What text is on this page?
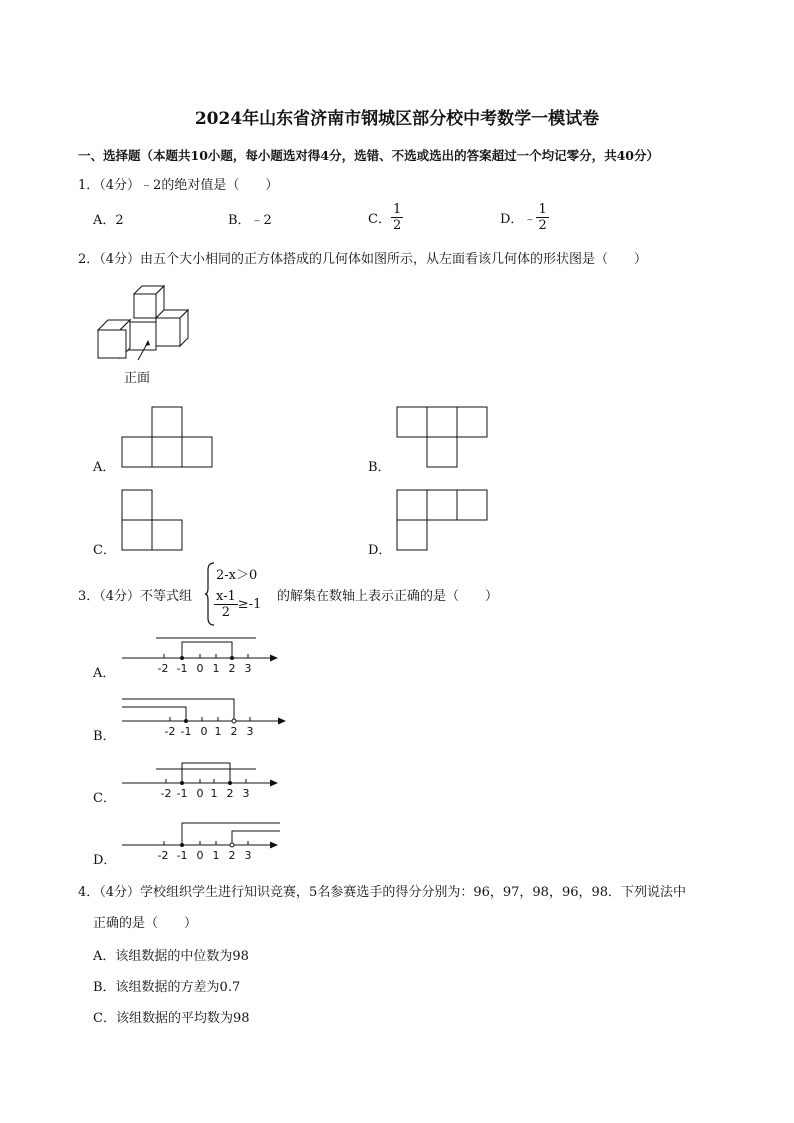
2024年山东省济南市钢城区部分校中考数学一模试卷
一、选择题（本题共10小题，每小题选对得4分，选错、不选或选出的答案超过一个均记零分，共40分）
1．（4分）﹣2的绝对值是（　　）
A．2	B．﹣2	C． $\frac{1}{2}$	D．﹣ $\frac{1}{2}$
2．（4分）由五个大小相同的正方体搭成的几何体如图所示，从左面看该几何体的形状图是（　　）
正面
A．	B．
C．	D．
3．（4分）不等式组
2-x＞0
$\frac{x-1}{2} \ge-1$
的解集在数轴上表示正确的是（　　）
A．	-2 -1 0 1 2 3
B．	-2 -1 0 1 2 3
C．	-2 -1 0 1 2 3
D．	-2 -1 0 1 2 3
4．（4分）学校组织学生进行知识竞赛，5名参赛选手的得分分别为：96，97，98，96，98．下列说法中
正确的是（　　）
A．该组数据的中位数为98
B．该组数据的方差为0.7
C．该组数据的平均数为98
